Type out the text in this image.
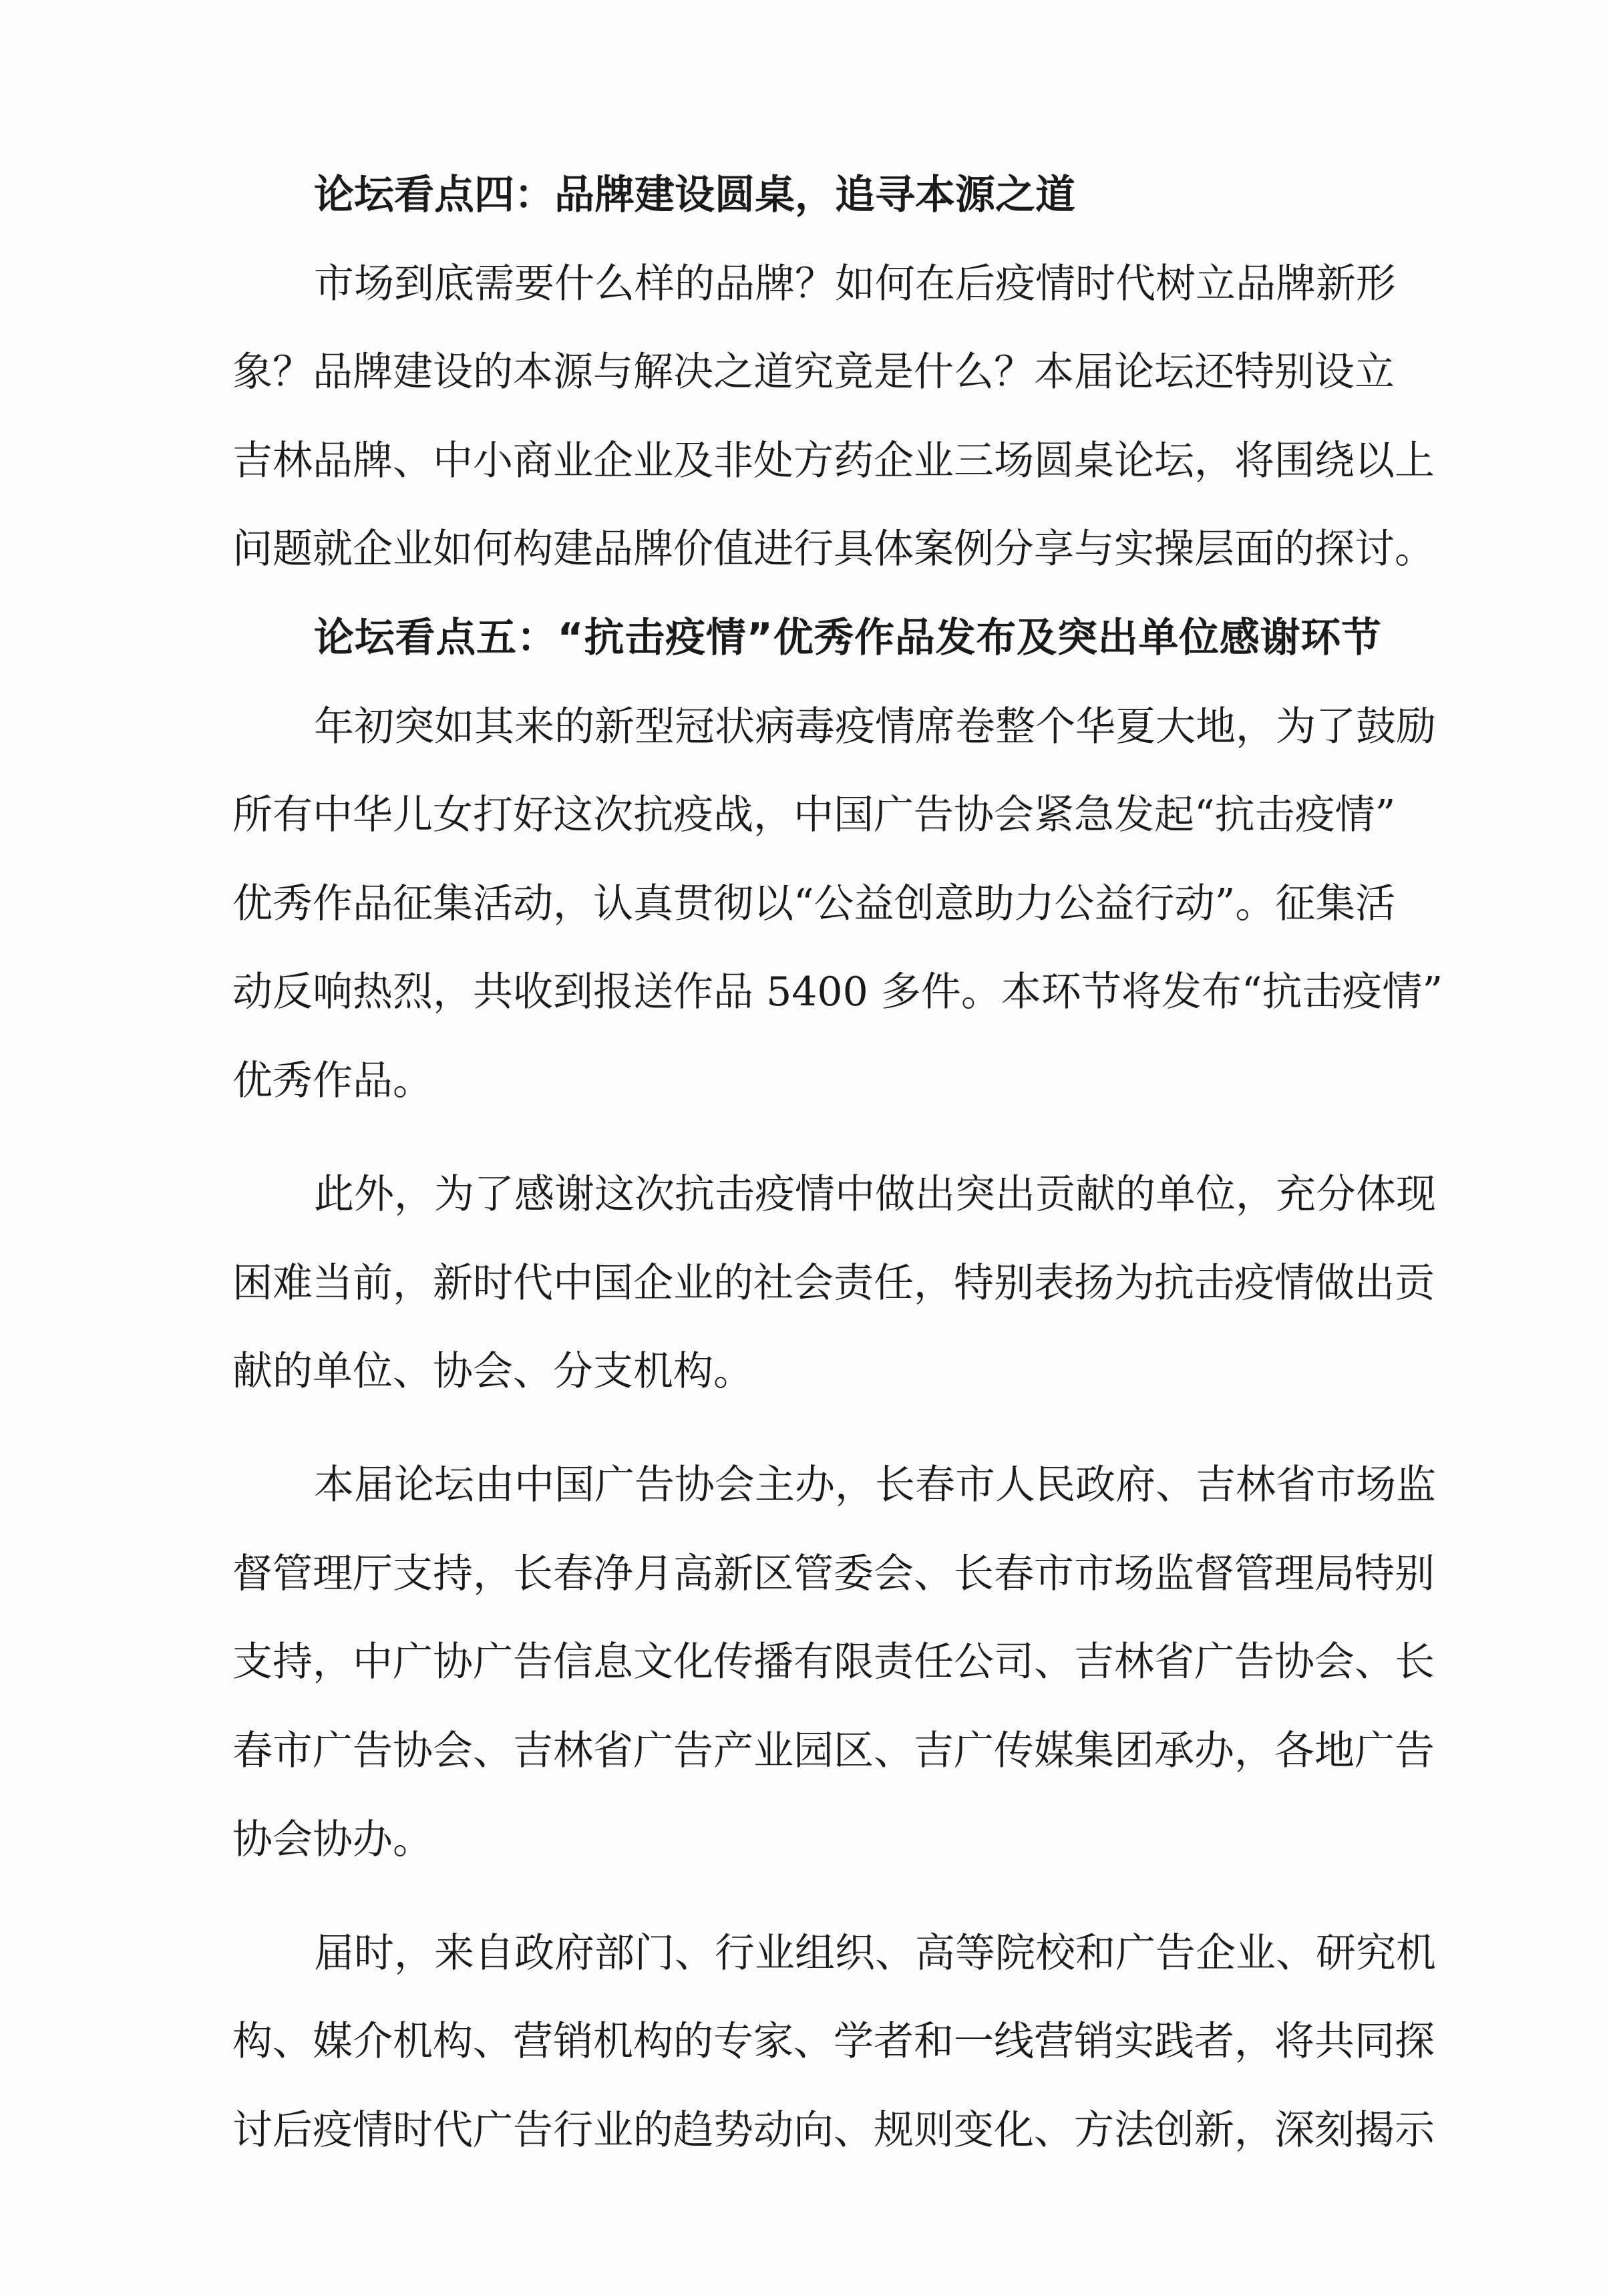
论坛看点四：品牌建设圆桌，追寻本源之道
市场到底需要什么样的品牌？如何在后疫情时代树立品牌新形
象？品牌建设的本源与解决之道究竟是什么？本届论坛还特别设立
吉林品牌、中小商业企业及非处方药企业三场圆桌论坛，将围绕以上
问题就企业如何构建品牌价值进行具体案例分享与实操层面的探讨。
论坛看点五：“抗击疫情”优秀作品发布及突出单位感谢环节
年初突如其来的新型冠状病毒疫情席卷整个华夏大地，为了鼓励
所有中华儿女打好这次抗疫战，中国广告协会紧急发起“抗击疫情”
优秀作品征集活动，认真贯彻以“公益创意助力公益行动”。征集活
动反响热烈，共收到报送作品 5400 多件。本环节将发布“抗击疫情”
优秀作品。
此外，为了感谢这次抗击疫情中做出突出贡献的单位，充分体现
困难当前，新时代中国企业的社会责任，特别表扬为抗击疫情做出贡
献的单位、协会、分支机构。
本届论坛由中国广告协会主办，长春市人民政府、吉林省市场监
督管理厅支持，长春净月高新区管委会、长春市市场监督管理局特别
支持，中广协广告信息文化传播有限责任公司、吉林省广告协会、长
春市广告协会、吉林省广告产业园区、吉广传媒集团承办，各地广告
协会协办。
届时，来自政府部门、行业组织、高等院校和广告企业、研究机
构、媒介机构、营销机构的专家、学者和一线营销实践者，将共同探
讨后疫情时代广告行业的趋势动向、规则变化、方法创新，深刻揭示
